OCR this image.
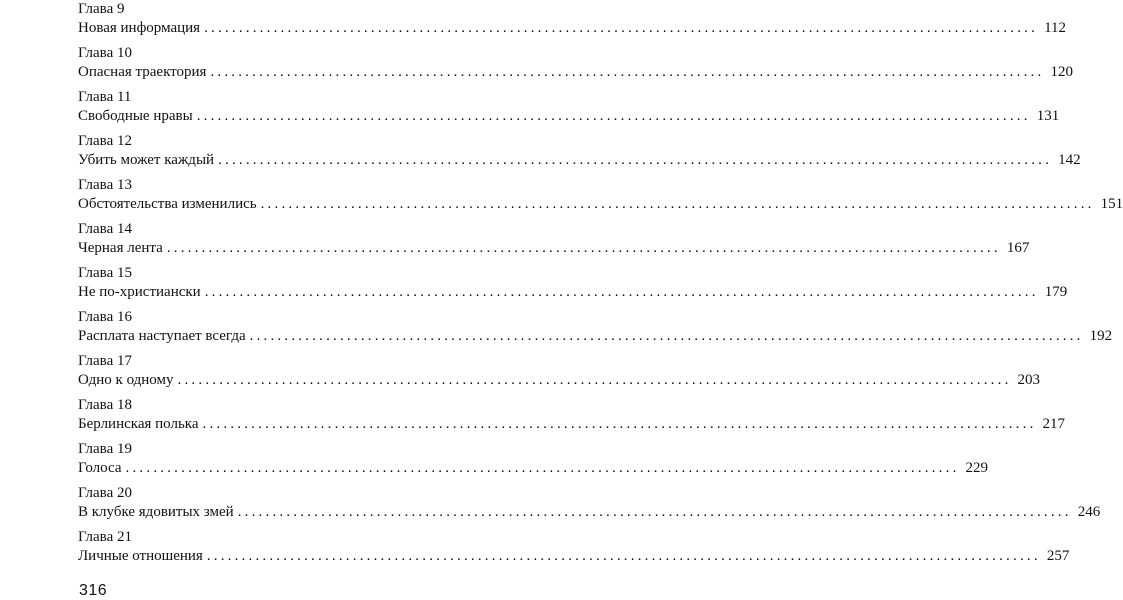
Глава 9
Новая информация ........................................................................................................................ 112
Глава 10
Опасная траектория ........................................................................................................................ 120
Глава 11
Свободные нравы ........................................................................................................................ 131
Глава 12
Убить может каждый ........................................................................................................................ 142
Глава 13
Обстоятельства изменились ........................................................................................................................ 151
Глава 14
Черная лента ........................................................................................................................ 167
Глава 15
Не по-христиански ........................................................................................................................ 179
Глава 16
Расплата наступает всегда ........................................................................................................................ 192
Глава 17
Одно к одному ........................................................................................................................ 203
Глава 18
Берлинская полька ........................................................................................................................ 217
Глава 19
Голоса ........................................................................................................................ 229
Глава 20
В клубке ядовитых змей ........................................................................................................................ 246
Глава 21
Личные отношения ........................................................................................................................ 257
316
